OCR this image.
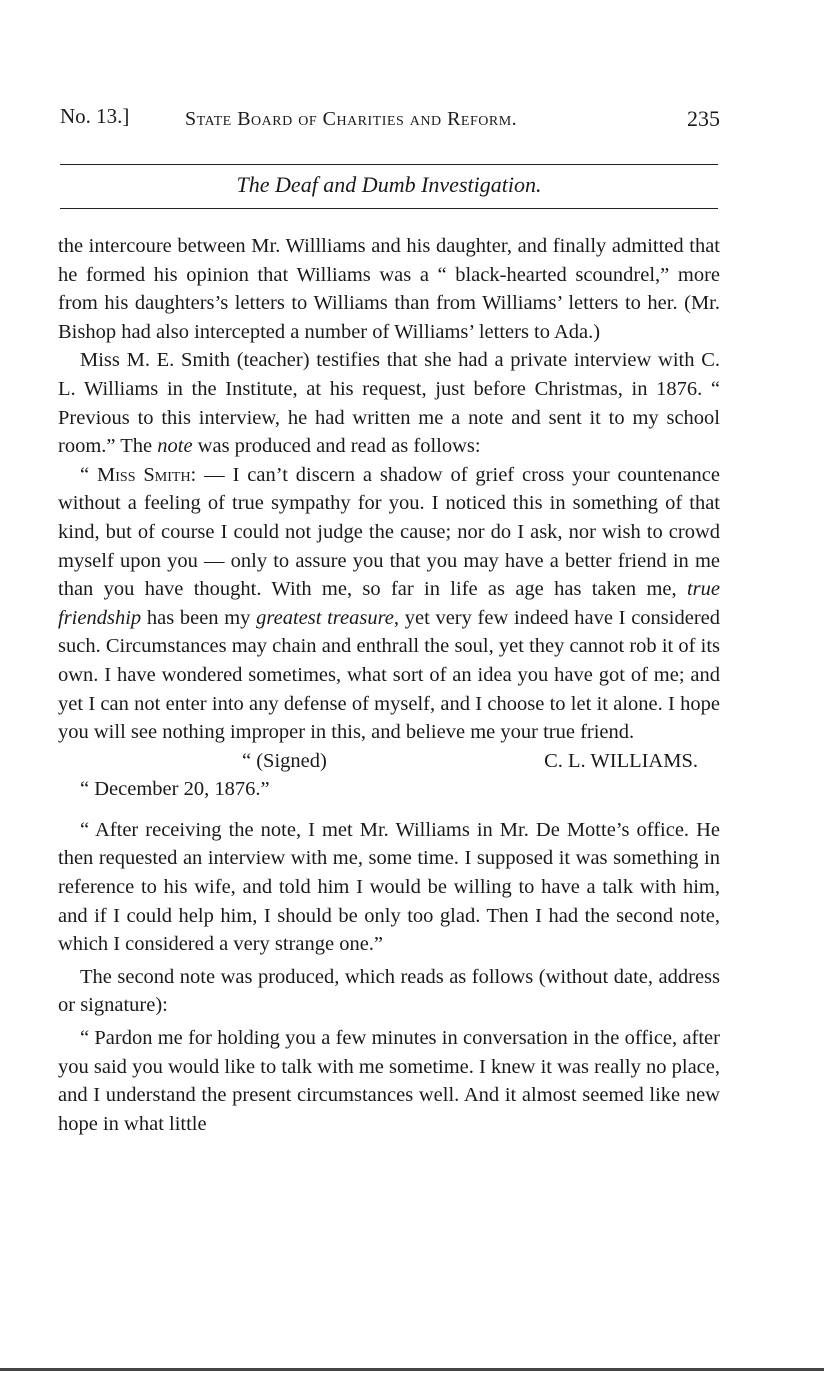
No. 13.]	State Board of Charities and Reform.	235
The Deaf and Dumb Investigation.

the intercoure between Mr. Willliams and his daughter, and finally admitted that he formed his opinion that Williams was a “ black-hearted scoundrel,” more from his daughters’s letters to Williams than from Williams’ letters to her. (Mr. Bishop had also intercepted a number of Williams’ letters to Ada.)

Miss M. E. Smith (teacher) testifies that she had a private interview with C. L. Williams in the Institute, at his request, just before Christmas, in 1876. “ Previous to this interview, he had written me a note and sent it to my school room.” The note was produced and read as follows:

“ Miss Smith: — I can’t discern a shadow of grief cross your countenance without a feeling of true sympathy for you. I noticed this in something of that kind, but of course I could not judge the cause; nor do I ask, nor wish to crowd myself upon you — only to assure you that you may have a better friend in me than you have thought. With me, so far in life as age has taken me, true friendship has been my greatest treasure, yet very few indeed have I considered such. Circumstances may chain and enthrall the soul, yet they cannot rob it of its own. I have wondered sometimes, what sort of an idea you have got of me; and yet I can not enter into any defense of myself, and I choose to let it alone. I hope you will see nothing improper in this, and believe me your true friend.

“ (Signed)	C. L. WILLIAMS.

“ December 20, 1876.”

“ After receiving the note, I met Mr. Williams in Mr. De Motte’s office. He then requested an interview with me, some time. I supposed it was something in reference to his wife, and told him I would be willing to have a talk with him, and if I could help him, I should be only too glad. Then I had the second note, which I considered a very strange one.”

The second note was produced, which reads as follows (without date, address or signature):

“ Pardon me for holding you a few minutes in conversation in the office, after you said you would like to talk with me sometime. I knew it was really no place, and I understand the present circumstances well. And it almost seemed like new hope in what little
